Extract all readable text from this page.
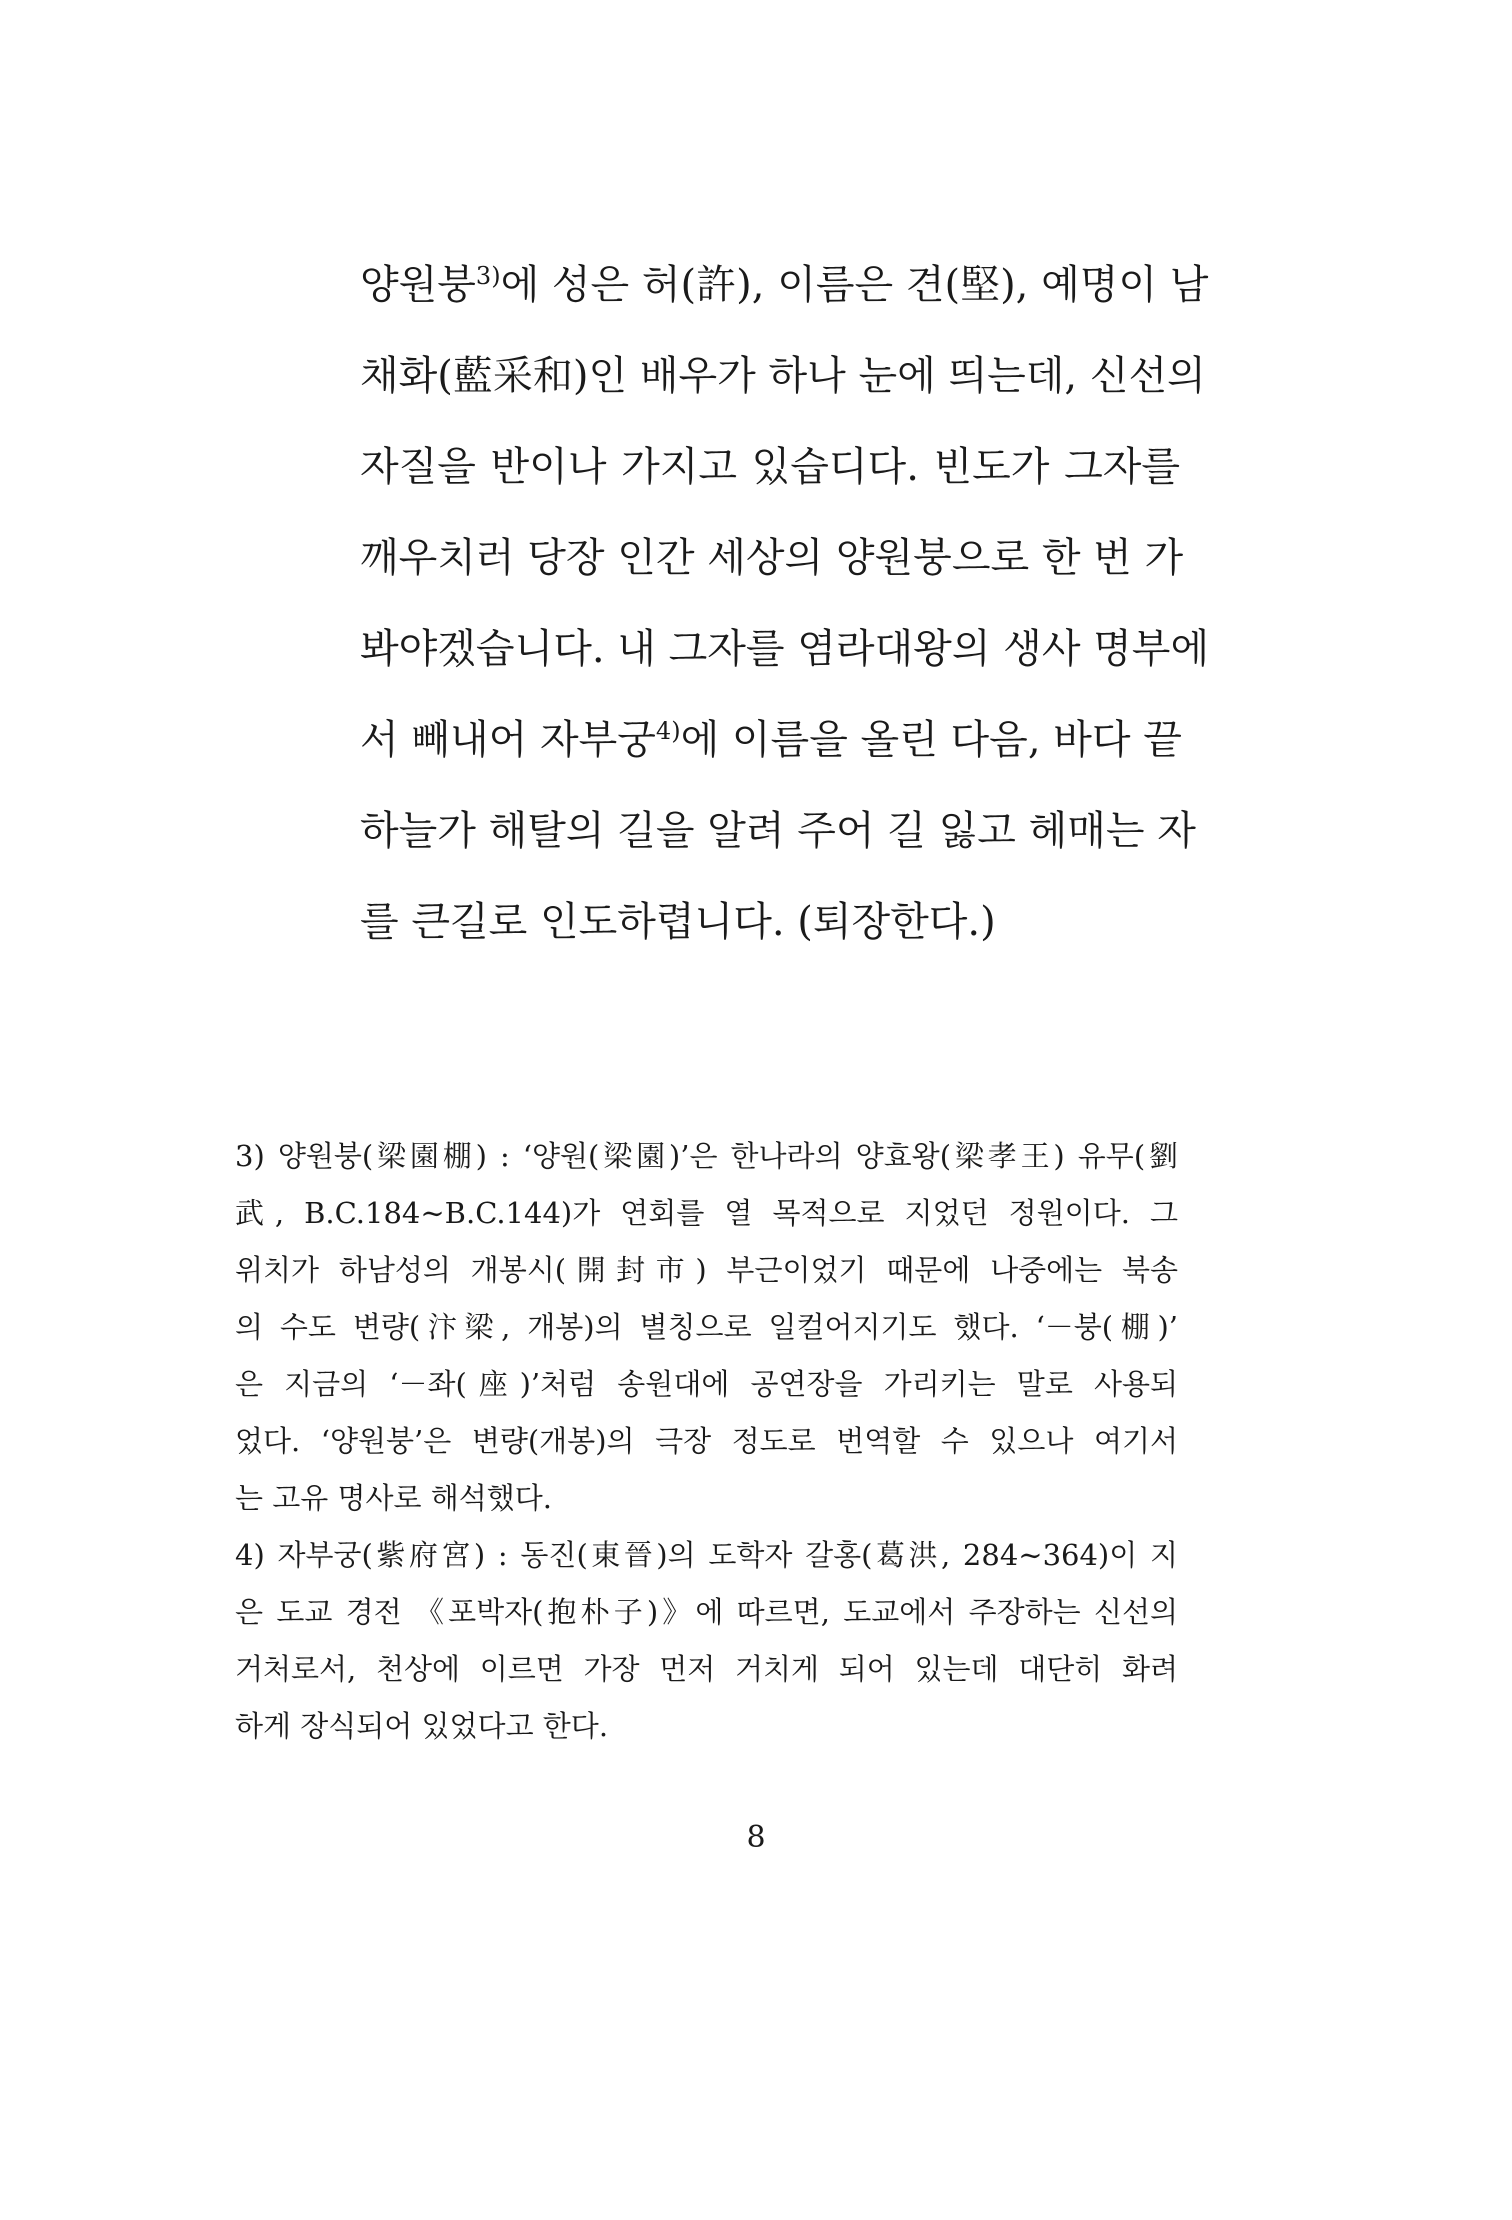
양원붕$^{3)}$에 성은 허(許), 이름은 견(堅), 예명이 남
채화(藍采和)인 배우가 하나 눈에 띄는데, 신선의
자질을 반이나 가지고 있습디다. 빈도가 그자를
깨우치러 당장 인간 세상의 양원붕으로 한 번 가
봐야겠습니다. 내 그자를 염라대왕의 생사 명부에
서 빼내어 자부궁$^{4)}$에 이름을 올린 다음, 바다 끝
하늘가 해탈의 길을 알려 주어 길 잃고 헤매는 자
를 큰길로 인도하렵니다. (퇴장한다.)
3) 양원붕(梁園棚) : ‘양원(梁園)’은 한나라의 양효왕(梁孝王) 유무(劉
武, B.C.184∼B.C.144)가 연회를 열 목적으로 지었던 정원이다. 그
위치가 하남성의 개봉시(開封市) 부근이었기 때문에 나중에는 북송
의 수도 변량(汴梁, 개봉)의 별칭으로 일컬어지기도 했다. ‘－붕(棚)’
은 지금의 ‘－좌(座)’처럼 송원대에 공연장을 가리키는 말로 사용되
었다. ‘양원붕’은 변량(개봉)의 극장 정도로 번역할 수 있으나 여기서
는 고유 명사로 해석했다.
4) 자부궁(紫府宮) : 동진(東晉)의 도학자 갈홍(葛洪, 284∼364)이 지
은 도교 경전 《포박자(抱朴子)》에 따르면, 도교에서 주장하는 신선의
거처로서, 천상에 이르면 가장 먼저 거치게 되어 있는데 대단히 화려
하게 장식되어 있었다고 한다.
8
